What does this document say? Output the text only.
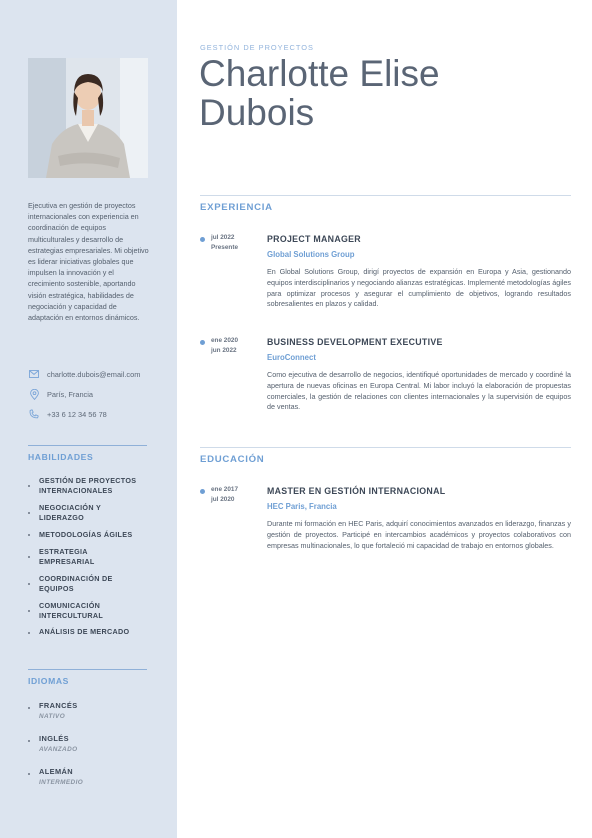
Ejecutiva en gestión de proyectos internacionales con experiencia en coordinación de equipos multiculturales y desarrollo de estrategias empresariales. Mi objetivo es liderar iniciativas globales que impulsen la innovación y el crecimiento sostenible, aportando visión estratégica, habilidades de negociación y capacidad de adaptación en entornos dinámicos.

charlotte.dubois@email.com
París, Francia
+33 6 12 34 56 78
HABILIDADES
GESTIÓN DE PROYECTOS
INTERNACIONALES
NEGOCIACIÓN Y
LIDERAZGO
METODOLOGÍAS ÁGILES
ESTRATEGIA
EMPRESARIAL
COORDINACIÓN DE
EQUIPOS
COMUNICACIÓN
INTERCULTURAL
ANÁLISIS DE MERCADO
IDIOMAS
FRANCÉS
NATIVO
INGLÉS
AVANZADO
ALEMÁN
INTERMEDIO
GESTIÓN DE PROYECTOS
Charlotte Elise
Dubois
EXPERIENCIA
jul 2022
Presente
PROJECT MANAGER
Global Solutions Group

En Global Solutions Group, dirigí proyectos de expansión en Europa y Asia, gestionando equipos interdisciplinarios y negociando alianzas estratégicas. Implementé metodologías ágiles para optimizar procesos y asegurar el cumplimiento de objetivos, logrando resultados sobresalientes en plazos y calidad.

ene 2020
jun 2022
BUSINESS DEVELOPMENT EXECUTIVE
EuroConnect

Como ejecutiva de desarrollo de negocios, identifiqué oportunidades de mercado y coordiné la apertura de nuevas oficinas en Europa Central. Mi labor incluyó la elaboración de propuestas comerciales, la gestión de relaciones con clientes internacionales y la supervisión de equipos de ventas.

EDUCACIÓN
ene 2017
jul 2020
MASTER EN GESTIÓN INTERNACIONAL
HEC Paris, Francia

Durante mi formación en HEC Paris, adquirí conocimientos avanzados en liderazgo, finanzas y gestión de proyectos. Participé en intercambios académicos y proyectos colaborativos con empresas multinacionales, lo que fortaleció mi capacidad de trabajo en entornos globales.
